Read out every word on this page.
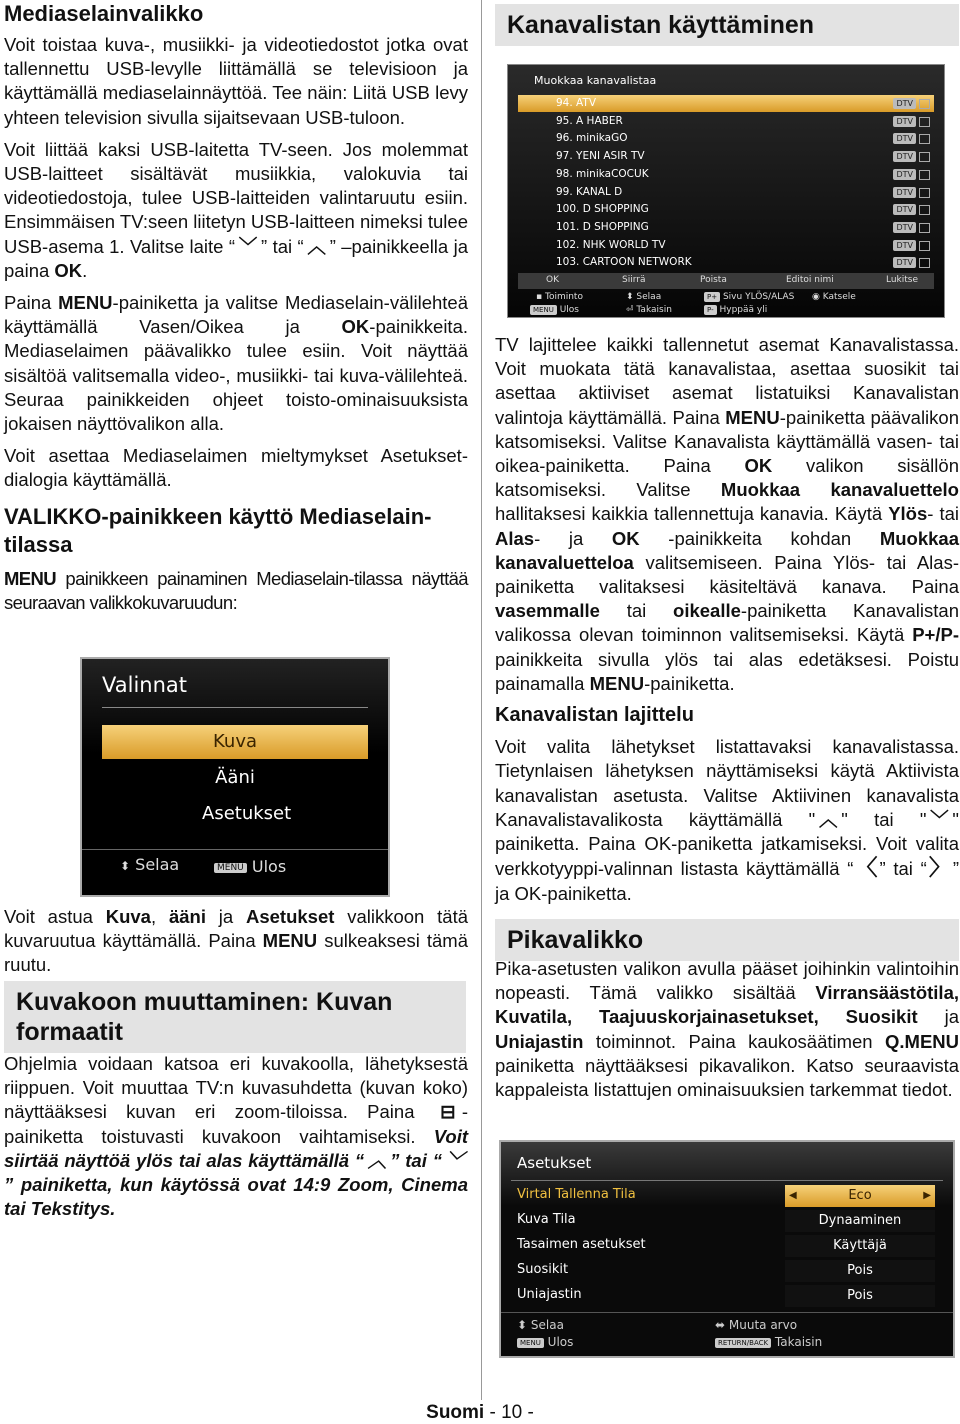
Mediaselainvalikko

Voit toistaa kuva-, musiikki- ja videotiedostot jotka ovat tallennettu USB-levylle liittämällä se televisioon ja käyttämällä mediaselainnäyttöä. Tee näin: Liitä USB levy yhteen television sivulla sijaitsevaan USB-tuloon.

Voit liittää kaksi USB-laitetta TV-seen. Jos molemmat USB-laitteet sisältävät musiikkia, valokuvia tai videotiedostoja, tulee USB-laitteiden valintaruutu esiin. Ensimmäisen TV:seen liitetyn USB-laitteen nimeksi tulee USB-asema 1. Valitse laite “ ﹀ ” tai “ ︿ ” –painikkeella ja paina OK.

Paina MENU-painiketta ja valitse Mediaselain-välilehteä käyttämällä Vasen/Oikea ja OK-painikkeita. Mediaselaimen päävalikko tulee esiin. Voit näyttää sisältöä valitsemalla video-, musiikki- tai kuva-välilehteä. Seuraa painikkeiden ohjeet toisto-ominaisuuksista jokaisen näyttövalikon alla.

Voit asettaa Mediaselaimen mieltymykset Asetukset-dialogia käyttämällä.

VALIKKO-painikkeen käyttö Mediaselain-tilassa

MENU painikkeen painaminen Mediaselain-tilassa näyttää seuraavan valikkokuvaruudun:

Valinnat
Kuva
Ääni
Asetukset
⬍ Selaa	MENU Ulos

Voit astua Kuva, ääni ja Asetukset valikkoon tätä kuvaruutua käyttämällä. Paina MENU sulkeaksesi tämä ruutu.

Kuvakoon muuttaminen: Kuvan formaatit

Ohjelmia voidaan katsoa eri kuvakoolla, lähetyksestä riippuen. Voit muuttaa TV:n kuvasuhdetta (kuvan koko) näyttääksesi kuvan eri zoom-tiloissa. Paina ⊟ -painiketta toistuvasti kuvakoon vaihtamiseksi. Voit siirtää näyttöä ylös tai alas käyttämällä “ ︿ ” tai “ ﹀” painiketta, kun käytössä ovat 14:9 Zoom, Cinema tai Tekstitys.

Kanavalistan käyttäminen
Muokkaa kanavalistaa
94. ATV	DTV
95. A HABER	DTV
96. minikaGO	DTV
97. YENI ASIR TV	DTV
98. minikaCOCUK	DTV
99. KANAL D	DTV
100. D SHOPPING	DTV
101. D SHOPPING	DTV
102. NHK WORLD TV	DTV
103. CARTOON NETWORK	DTV
OK	Siirrä	Poista	Editoi nimi	Lukitse
▪ Toiminto	⬍ Selaa	P+ Sivu YLÖS/ALAS ◉ Katsele
MENU Ulos	⏎ Takaisin	P- Hyppää yli

TV lajittelee kaikki tallennetut asemat Kanavalistassa. Voit muokata tätä kanavalistaa, asettaa suosikit tai asettaa aktiiviset asemat listatuiksi Kanavalistan valintoja käyttämällä. Paina MENU-painiketta päävalikon katsomiseksi. Valitse Kanavalista käyttämällä vasen- tai oikea-painiketta. Paina OK valikon sisällön katsomiseksi. Valitse Muokkaa kanavaluettelo hallitaksesi kaikkia tallennettuja kanavia. Käytä Ylös- tai Alas- ja OK -painikkeita kohdan Muokkaa kanavaluetteloa valitsemiseen. Paina Ylös- tai Alas-painiketta valitaksesi käsiteltävä kanava. Paina vasemmalle tai oikealle-painiketta Kanavalistan valikossa olevan toiminnon valitsemiseksi. Käytä P+/P- painikkeita sivulla ylös tai alas edetäksesi. Poistu painamalla MENU-painiketta.

Kanavalistan lajittelu

Voit valita lähetykset listattavaksi kanavalistassa. Tietynlaisen lähetyksen näyttämiseksi käytä Aktiivista kanavalistan asetusta. Valitse Aktiivinen kanavalista Kanavalistavalikosta käyttämällä " ︿ " tai " ﹀ " painiketta. Paina OK-paniketta jatkamiseksi. Voit valita verkkotyyppi-valinnan listasta käyttämällä “〈 ” tai “〉 ” ja OK-painiketta.

Pikavalikko

Pika-asetusten valikon avulla pääset joihinkin valintoihin nopeasti. Tämä valikko sisältää Virransäästötila, Kuvatila, Taajuuskorjainasetukset, Suosikit ja Uniajastin toiminnot. Paina kaukosäätimen Q.MENU painiketta näyttääksesi pikavalikon. Katso seuraavista kappaleista listattujen ominaisuuksien tarkemmat tiedot.

Asetukset
Virtal Tallenna Tila	Eco
◀	▶
Kuva Tila	Dynaaminen
Tasaimen asetukset	Käyttäjä
Suosikit	Pois
Uniajastin	Pois
⬍ Selaa	⬌ Muuta arvo
MENU Ulos	RETURN/BACK Takaisin
Suomi - 10 -
